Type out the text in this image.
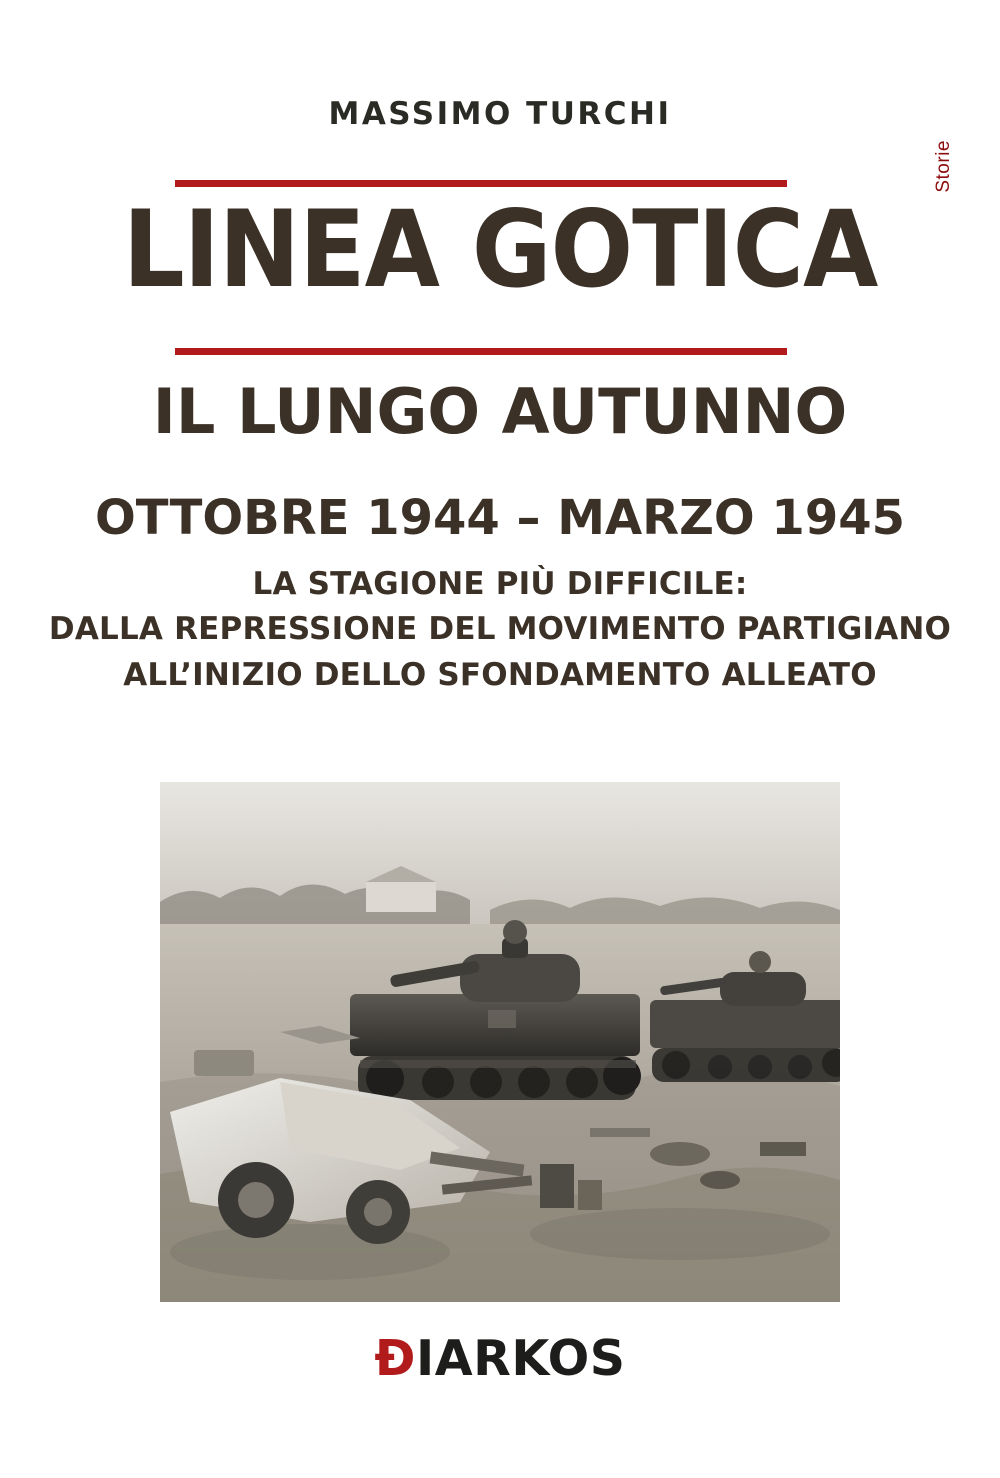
Storie
MASSIMO TURCHI
LINEA GOTICA
IL LUNGO AUTUNNO
OTTOBRE 1944 – MARZO 1945
LA STAGIONE PIÙ DIFFICILE:
DALLA REPRESSIONE DEL MOVIMENTO PARTIGIANO
ALL’INIZIO DELLO SFONDAMENTO ALLEATO
ÐIARKOS
